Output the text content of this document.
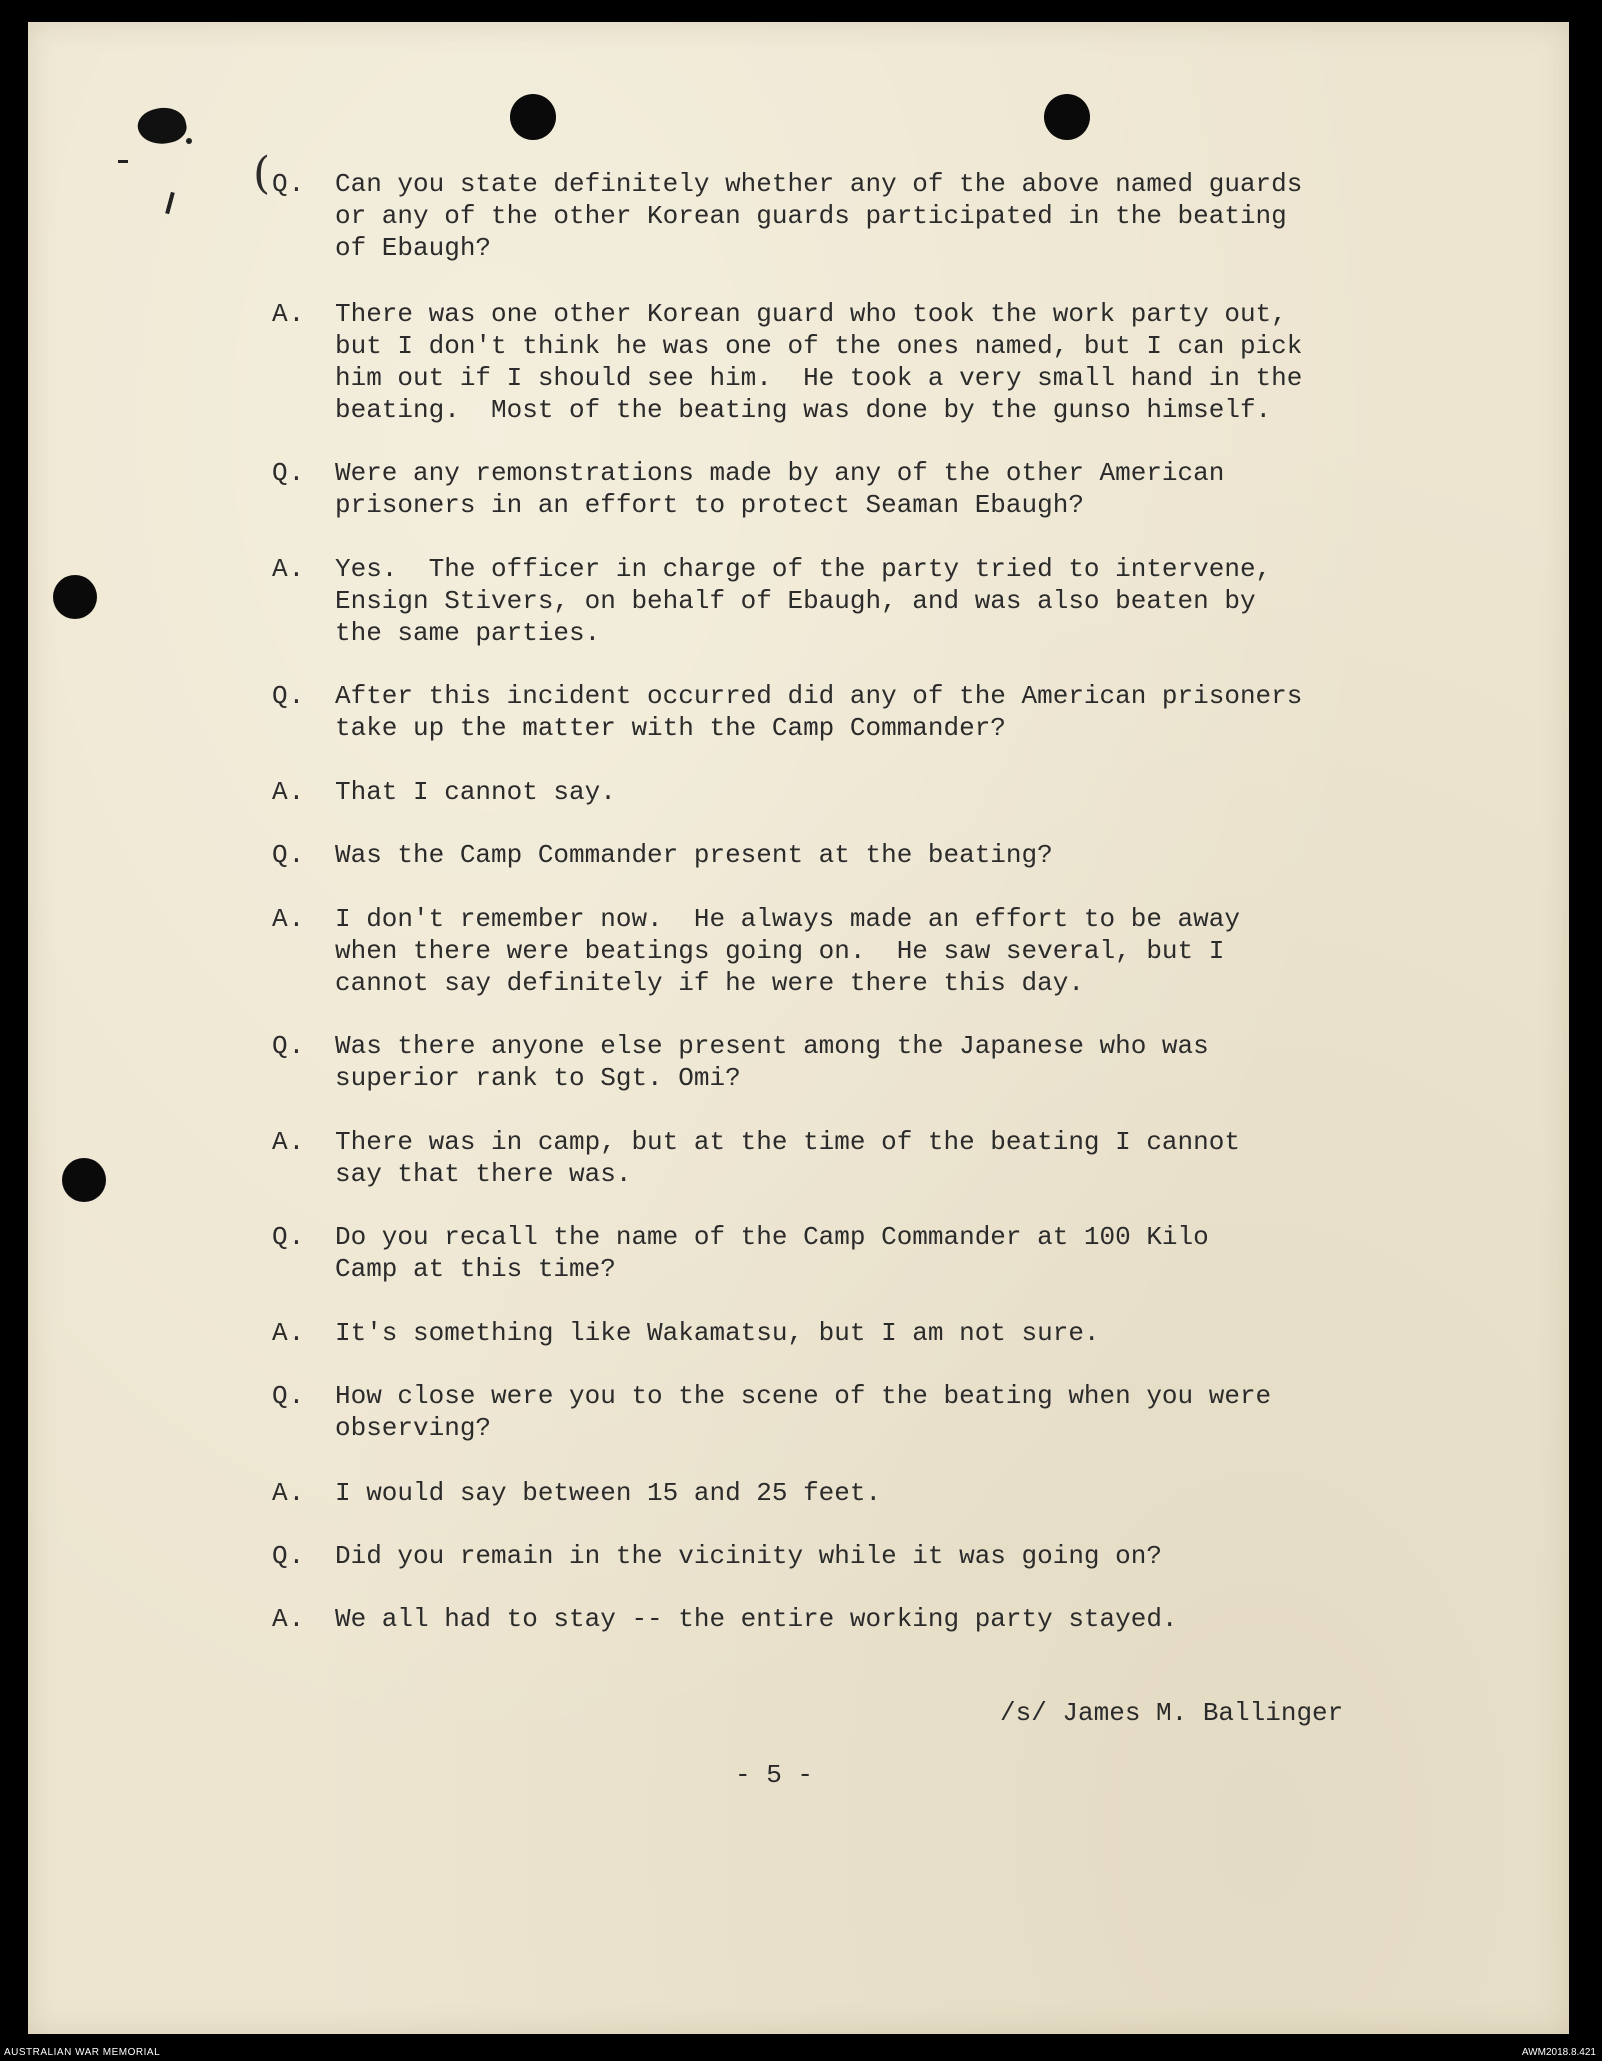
( Q. Can you state definitely whether any of the above named guards
or any of the other Korean guards participated in the beating
of Ebaugh?
A. There was one other Korean guard who took the work party out,
but I don't think he was one of the ones named, but I can pick
him out if I should see him.  He took a very small hand in the
beating.  Most of the beating was done by the gunso himself.
Q. Were any remonstrations made by any of the other American
prisoners in an effort to protect Seaman Ebaugh?
A. Yes.  The officer in charge of the party tried to intervene,
Ensign Stivers, on behalf of Ebaugh, and was also beaten by
the same parties.
Q. After this incident occurred did any of the American prisoners
take up the matter with the Camp Commander?
A. That I cannot say.
Q. Was the Camp Commander present at the beating?
A. I don't remember now.  He always made an effort to be away
when there were beatings going on.  He saw several, but I
cannot say definitely if he were there this day.
Q. Was there anyone else present among the Japanese who was
superior rank to Sgt. Omi?
A. There was in camp, but at the time of the beating I cannot
say that there was.
Q. Do you recall the name of the Camp Commander at 100 Kilo
Camp at this time?
A. It's something like Wakamatsu, but I am not sure.
Q. How close were you to the scene of the beating when you were
observing?
A. I would say between 15 and 25 feet.
Q. Did you remain in the vicinity while it was going on?
A. We all had to stay -- the entire working party stayed.
/s/ James M. Ballinger
- 5 -
AUSTRALIAN WAR MEMORIAL	AWM2018.8.421
